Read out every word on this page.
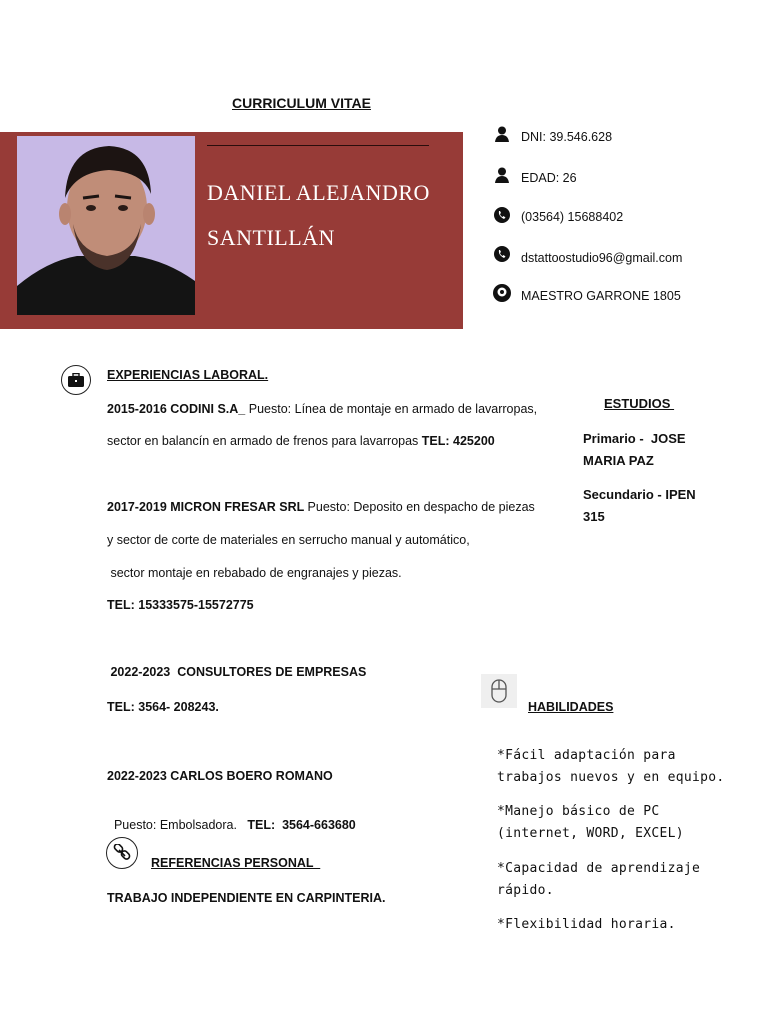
CURRICULUM VITAE
DANIEL ALEJANDRO
SANTILLÁN
DNI: 39.546.628
EDAD: 26
(03564) 15688402
dstattoostudio96@gmail.com
MAESTRO GARRONE 1805
EXPERIENCIAS LABORAL.
2015-2016 CODINI S.A_ Puesto: Línea de montaje en armado de lavarropas,
sector en balancín en armado de frenos para lavarropas TEL: 425200
2017-2019 MICRON FRESAR SRL Puesto: Deposito en despacho de piezas
y sector de corte de materiales en serrucho manual y automático,
sector montaje en rebabado de engranajes y piezas.
TEL: 15333575-15572775
2022-2023  CONSULTORES DE EMPRESAS
TEL: 3564- 208243.
2022-2023 CARLOS BOERO ROMANO

Puesto: Embolsadora.   TEL:  3564-663680

REFERENCIAS PERSONAL
TRABAJO INDEPENDIENTE EN CARPINTERIA.
ESTUDIOS
Primario -  JOSE
MARIA PAZ
Secundario - IPEN
315
HABILIDADES
*Fácil adaptación para
trabajos nuevos y en equipo.
*Manejo básico de PC
(internet, WORD, EXCEL)
*Capacidad de aprendizaje
rápido.
*Flexibilidad horaria.
